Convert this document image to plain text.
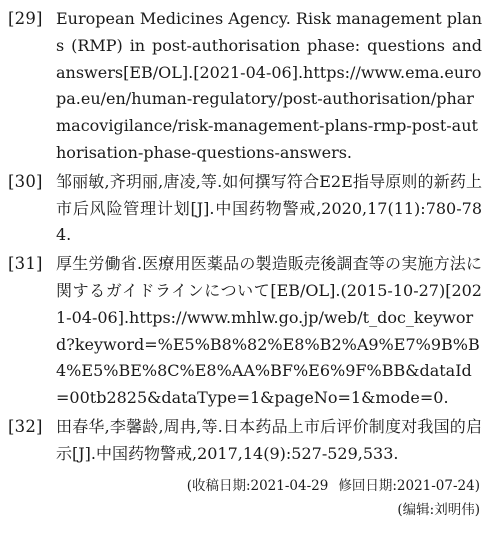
[29] European Medicines Agency. Risk management plans (RMP) in post-authorisation phase: questions and answers[EB/OL].[2021-04-06].https://www.ema.europa.eu/en/human-regulatory/post-authorisation/pharmacovigilance/risk-management-plans-rmp-post-authorisation-phase-questions-answers.
[30] 邹丽敏,齐玥丽,唐凌,等.如何撰写符合E2E指导原则的新药上市后风险管理计划[J].中国药物警戒,2020,17(11):780-784.
[31] 厚生労働省.医療用医薬品の製造販売後調査等の実施方法に関するガイドラインについて[EB/OL].(2015-10-27)[2021-04-06].https://www.mhlw.go.jp/web/t_doc_keyword?keyword=%E5%B8%82%E8%B2%A9%E7%9B%B4%E5%BE%8C%E8%AA%BF%E6%9F%BB&dataId=00tb2825&dataType=1&pageNo=1&mode=0.
[32] 田春华,李馨龄,周冉,等.日本药品上市后评价制度对我国的启示[J].中国药物警戒,2017,14(9):527-529,533.
(收稿日期:2021-04-29 修回日期:2021-07-24)
(编辑:刘明伟)
